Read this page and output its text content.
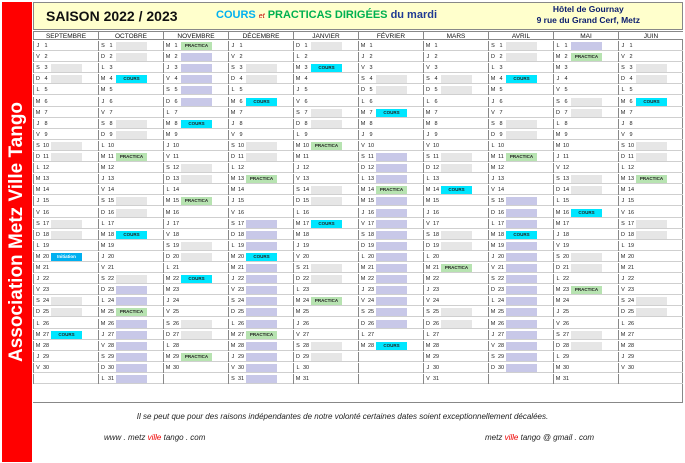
Association Metz Ville Tango
SAISON 2022 / 2023	COURS et PRACTICAS DIRIGÉES du mardi	Hôtel de Gournay
9 rue du Grand Cerf, Metz
SEPTEMBRE
J 1
V 2
S 3
D 4
L 5
M 6
M 7
J 8
V 9
S 10
D 11
L 12
M 13
M 14
J 15
V 16
S 17
D 18
L 19
M 20	Initiation
M 21
J 22
V 23
S 24
D 25
L 26
M 27	COURS
M 28
J 29
V 30
OCTOBRE
S 1
D 2
L 3
M 4	COURS
M 5
J 6
V 7
S 8
D 9
L 10
M 11	PRACTICA
M 12
J 13
V 14
S 15
D 16
L 17
M 18	COURS
M 19
J 20
V 21
S 22
D 23
L 24
M 25	PRACTICA
M 26
J 27
V 28
S 29
D 30
L 31
NOVEMBRE
M 1	PRACTICA
M 2
J 3
V 4
S 5
D 6
L 7
M 8	COURS
M 9
J 10
V 11
S 12
D 13
L 14
M 15	PRACTICA
M 16
J 17
V 18
S 19
D 20
L 21
M 22	COURS
M 23
J 24
V 25
S 26
D 27
L 28
M 29	PRACTICA
M 30
DÉCEMBRE
J 1
V 2
S 3
D 4
L 5
M 6	COURS
M 7
J 8
V 9
S 10
D 11
L 12
M 13	PRACTICA
M 14
J 15
V 16
S 17
D 18
L 19
M 20	COURS
M 21
J 22
V 23
S 24
D 25
L 26
M 27	PRACTICA
M 28
J 29
V 30
S 31
JANVIER
D 1
L 2
M 3	COURS
M 4
J 5
V 6
S 7
D 8
L 9
M 10	PRACTICA
M 11
J 12
V 13
S 14
D 15
L 16
M 17	COURS
M 18
J 19
V 20
S 21
D 22
L 23
M 24	PRACTICA
M 25
J 26
V 27
S 28
D 29
L 30
M 31
FÉVRIER
M 1
J 2
V 3
S 4
D 5
L 6
M 7	COURS
M 8
J 9
V 10
S 11
D 12
L 13
M 14	PRACTICA
M 15
J 16
V 17
S 18
D 19
L 20
M 21
M 22
J 23
V 24
S 25
D 26
L 27
M 28	COURS
MARS
M 1
J 2
V 3
S 4
D 5
L 6
M 7
M 8
J 9
V 10
S 11
D 12
L 13
M 14	COURS
M 15
J 16
V 17
S 18
D 19
L 20
M 21	PRACTICA
M 22
J 23
V 24
S 25
D 26
L 27
M 28
M 29
J 30
V 31
AVRIL
S 1
D 2
L 3
M 4	COURS
M 5
J 6
V 7
S 8
D 9
L 10
M 11	PRACTICA
M 12
J 13
V 14
S 15
D 16
L 17
M 18	COURS
M 19
J 20
V 21
S 22
D 23
L 24
M 25
M 26
J 27
V 28
S 29
D 30
MAI
L 1
M 2	PRACTICA
M 3
J 4
V 5
S 6
D 7
L 8
M 9
M 10
J 11
V 12
S 13
D 14
L 15
M 16	COURS
M 17
J 18
V 19
S 20
D 21
L 22
M 23	PRACTICA
M 24
J 25
V 26
S 27
D 28
L 29
M 30
M 31
JUIN
J 1
V 2
S 3
D 4
L 5
M 6	COURS
M 7
J 8
V 9
S 10
D 11
L 12
M 13	PRACTICA
M 14
J 15
V 16
S 17
D 18
L 19
M 20
M 21
J 22
V 23
S 24
D 25
L 26
M 27
M 28
J 29
V 30
Il se peut que pour des raisons indépendantes de notre volonté certaines dates soient exceptionnellement décalées.
www . metz ville tango . com	metz ville tango @ gmail . com
